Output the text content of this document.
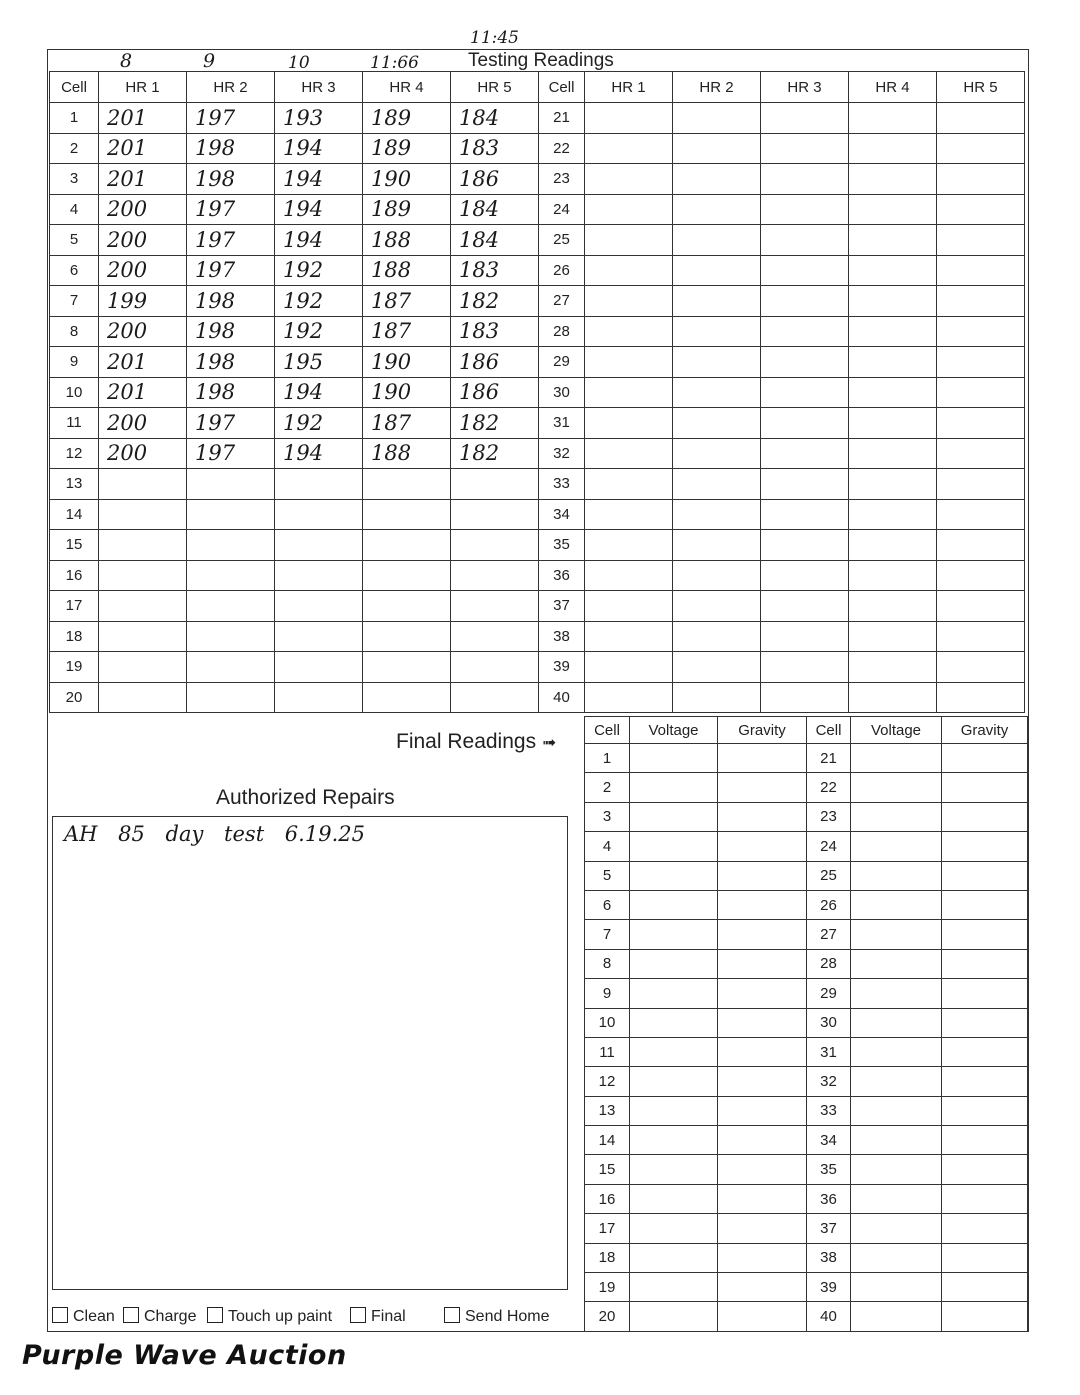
8	9	10	11:66
11:45
Testing Readings
Cell	HR 1	HR 2	HR 3	HR 4	HR 5	Cell	HR 1	HR 2	HR 3	HR 4	HR 5
1	201	197	193	189	184	21					
2	201	198	194	189	183	22					
3	201	198	194	190	186	23					
4	200	197	194	189	184	24					
5	200	197	194	188	184	25					
6	200	197	192	188	183	26					
7	199	198	192	187	182	27					
8	200	198	192	187	183	28					
9	201	198	195	190	186	29					
10	201	198	194	190	186	30					
11	200	197	192	187	182	31					
12	200	197	194	188	182	32					
13						33					
14						34					
15						35					
16						36					
17						37					
18						38					
19						39					
20						40					
Final Readings ➟
Cell	Voltage	Gravity	Cell	Voltage	Gravity
1			21		
2			22		
3			23		
4			24		
5			25		
6			26		
7			27		
8			28		
9			29		
10			30		
11			31		
12			32		
13			33		
14			34		
15			35		
16			36		
17			37		
18			38		
19			39		
20			40		
Authorized Repairs
AH 85 day test 6.19.25
Clean	Charge	Touch up paint	Final	Send Home
Purple Wave Auction
